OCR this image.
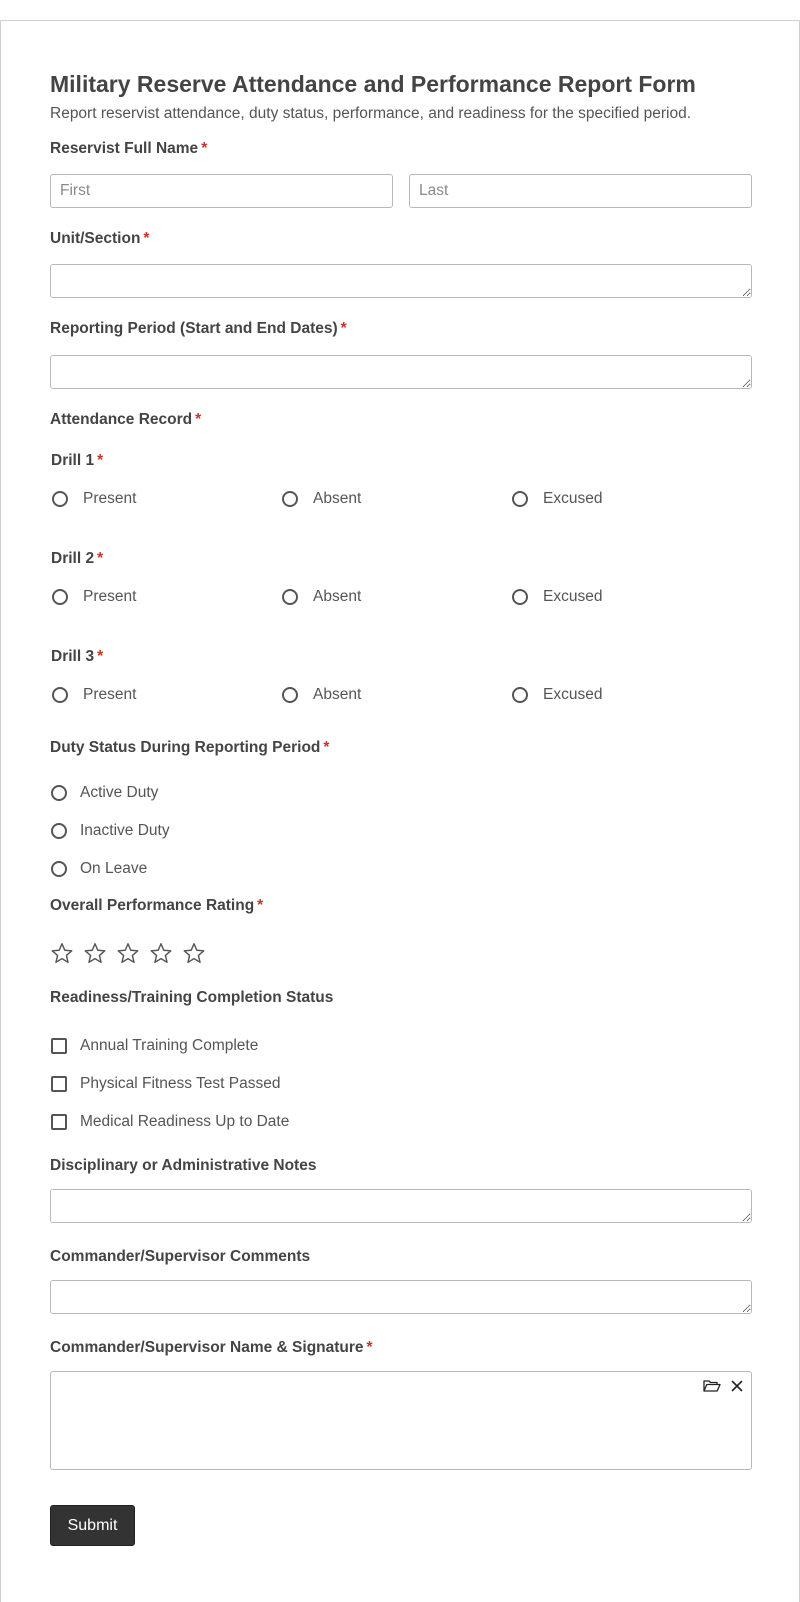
Military Reserve Attendance and Performance Report Form

Report reservist attendance, duty status, performance, and readiness for the specified period.

Reservist Full Name *
First
Last
Unit/Section *
Reporting Period (Start and End Dates) *
Attendance Record *
Drill 1 *
Present	Absent	Excused
Drill 2 *
Present	Absent	Excused
Drill 3 *
Present	Absent	Excused
Duty Status During Reporting Period *
Active Duty
Inactive Duty
On Leave
Overall Performance Rating *
Readiness/Training Completion Status
Annual Training Complete
Physical Fitness Test Passed
Medical Readiness Up to Date
Disciplinary or Administrative Notes
Commander/Supervisor Comments
Commander/Supervisor Name & Signature *
Submit
